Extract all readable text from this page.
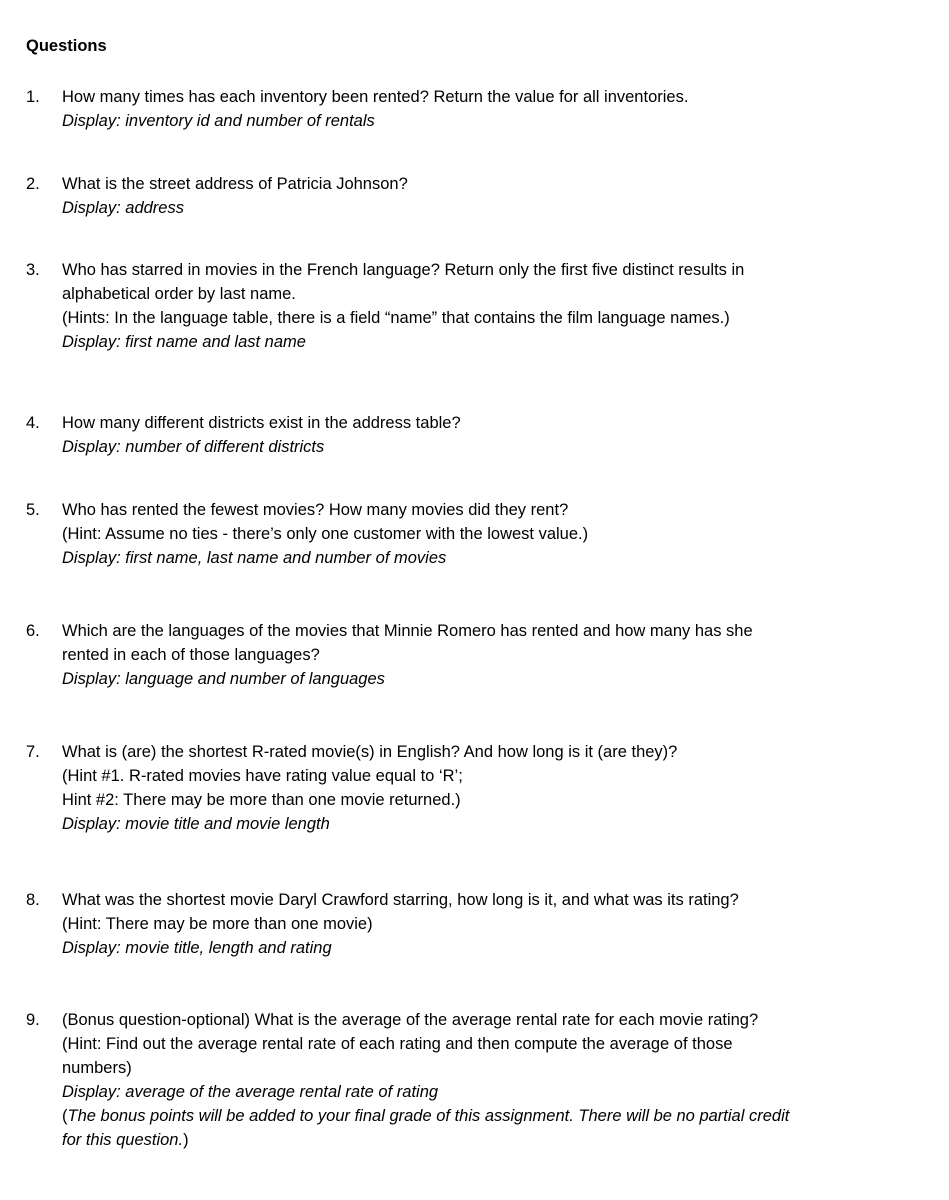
Questions
1. How many times has each inventory been rented? Return the value for all inventories.
Display: inventory id and number of rentals
2. What is the street address of Patricia Johnson?
Display: address
3. Who has starred in movies in the French language? Return only the first five distinct results in
alphabetical order by last name.
(Hints: In the language table, there is a field “name” that contains the film language names.)
Display: first name and last name
4. How many different districts exist in the address table?
Display: number of different districts
5. Who has rented the fewest movies? How many movies did they rent?
(Hint: Assume no ties - there’s only one customer with the lowest value.)
Display: first name, last name and number of movies
6. Which are the languages of the movies that Minnie Romero has rented and how many has she
rented in each of those languages?
Display: language and number of languages
7. What is (are) the shortest R-rated movie(s) in English? And how long is it (are they)?
(Hint #1. R-rated movies have rating value equal to ‘R’;
Hint #2: There may be more than one movie returned.)
Display: movie title and movie length
8. What was the shortest movie Daryl Crawford starring, how long is it, and what was its rating?
(Hint: There may be more than one movie)
Display: movie title, length and rating
9. (Bonus question-optional) What is the average of the average rental rate for each movie rating?
(Hint: Find out the average rental rate of each rating and then compute the average of those
numbers)
Display: average of the average rental rate of rating
(The bonus points will be added to your final grade of this assignment. There will be no partial credit
for this question.)
